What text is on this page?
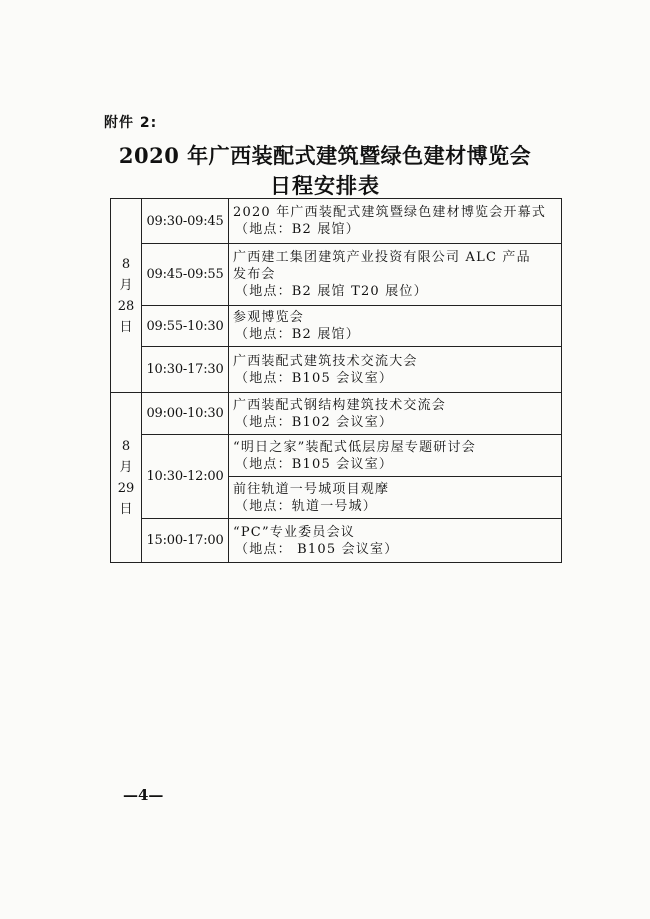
附件 2:
2020 年广西装配式建筑暨绿色建材博览会
日程安排表
8
月
28
日	09:30-09:45	2020 年广西装配式建筑暨绿色建材博览会开幕式
（地点：B2 展馆）

	09:45-09:55	广西建工集团建筑产业投资有限公司 ALC 产品
发布会
（地点：B2 展馆 T20 展位）

	09:55-10:30	参观博览会
（地点：B2 展馆）

	10:30-17:30	广西装配式建筑技术交流大会
（地点：B105 会议室）

8
月
29
日	09:00-10:30	广西装配式钢结构建筑技术交流会
（地点：B102 会议室）

	10:30-12:00	“明日之家”装配式低层房屋专题研讨会
（地点：B105 会议室）

		前往轨道一号城项目观摩
（地点：轨道一号城）

	15:00-17:00	“PC”专业委员会议
（地点： B105 会议室）
—4—
